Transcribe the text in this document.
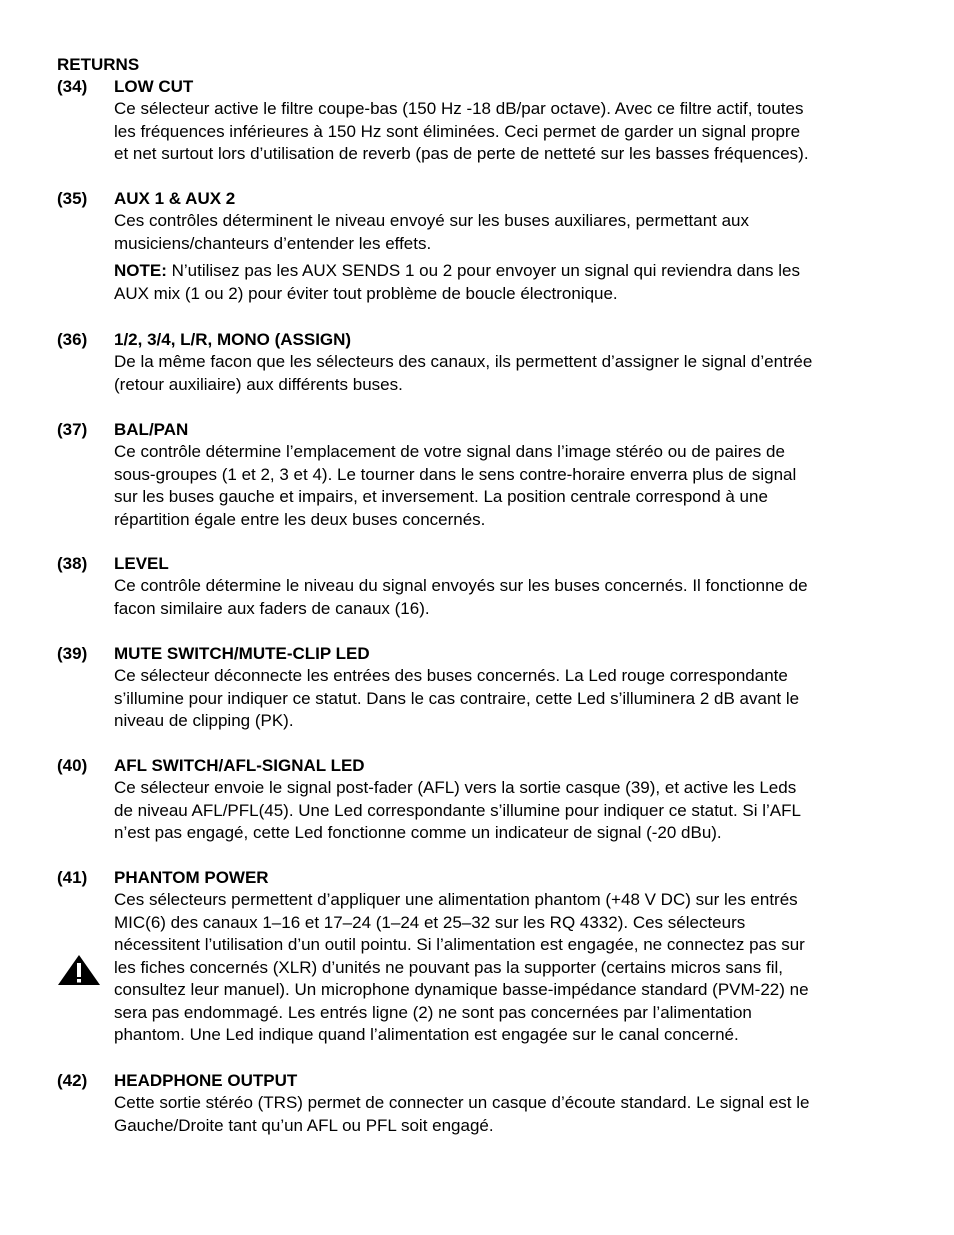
RETURNS
(34) LOW CUT

Ce sélecteur active le filtre coupe-bas (150 Hz -18 dB/par octave). Avec ce filtre actif, toutes
les fréquences inférieures à 150 Hz sont éliminées. Ceci permet de garder un signal propre
et net surtout lors d’utilisation de reverb (pas de perte de netteté sur les basses fréquences).

(35) AUX 1 & AUX 2

Ces contrôles déterminent le niveau envoyé sur les buses auxiliares, permettant aux
musiciens/chanteurs d’entender les effets.

NOTE: N’utilisez pas les AUX SENDS 1 ou 2 pour envoyer un signal qui reviendra dans les
AUX mix (1 ou 2) pour éviter tout problème de boucle électronique.

(36) 1/2, 3/4, L/R, MONO (ASSIGN)

De la même facon que les sélecteurs des canaux, ils permettent d’assigner le signal d’entrée
(retour auxiliaire) aux différents buses.

(37) BAL/PAN

Ce contrôle détermine l’emplacement de votre signal dans l’image stéréo ou de paires de
sous-groupes (1 et 2, 3 et 4). Le tourner dans le sens contre-horaire enverra plus de signal
sur les buses gauche et impairs, et inversement. La position centrale correspond à une
répartition égale entre les deux buses concernés.

(38) LEVEL

Ce contrôle détermine le niveau du signal envoyés sur les buses concernés. Il fonctionne de
facon similaire aux faders de canaux (16).

(39) MUTE SWITCH/MUTE-CLIP LED

Ce sélecteur déconnecte les entrées des buses concernés. La Led rouge correspondante
s’illumine pour indiquer ce statut. Dans le cas contraire, cette Led s’illuminera 2 dB avant le
niveau de clipping (PK).

(40) AFL SWITCH/AFL-SIGNAL LED

Ce sélecteur envoie le signal post-fader (AFL) vers la sortie casque (39), et active les Leds
de niveau AFL/PFL(45). Une Led correspondante s’illumine pour indiquer ce statut. Si l’AFL
n’est pas engagé, cette Led fonctionne comme un indicateur de signal (-20 dBu).

(41) PHANTOM POWER

Ces sélecteurs permettent d’appliquer une alimentation phantom (+48 V DC) sur les entrés
MIC(6) des canaux 1–16 et 17–24 (1–24 et 25–32 sur les RQ 4332). Ces sélecteurs
nécessitent l’utilisation d’un outil pointu. Si l’alimentation est engagée, ne connectez pas sur
les fiches concernés (XLR) d’unités ne pouvant pas la supporter (certains micros sans fil,
consultez leur manuel). Un microphone dynamique basse-impédance standard (PVM-22) ne
sera pas endommagé. Les entrés ligne (2) ne sont pas concernées par l’alimentation
phantom. Une Led indique quand l’alimentation est engagée sur le canal concerné.

(42) HEADPHONE OUTPUT

Cette sortie stéréo (TRS) permet de connecter un casque d’écoute standard. Le signal est le
Gauche/Droite tant qu’un AFL ou PFL soit engagé.
